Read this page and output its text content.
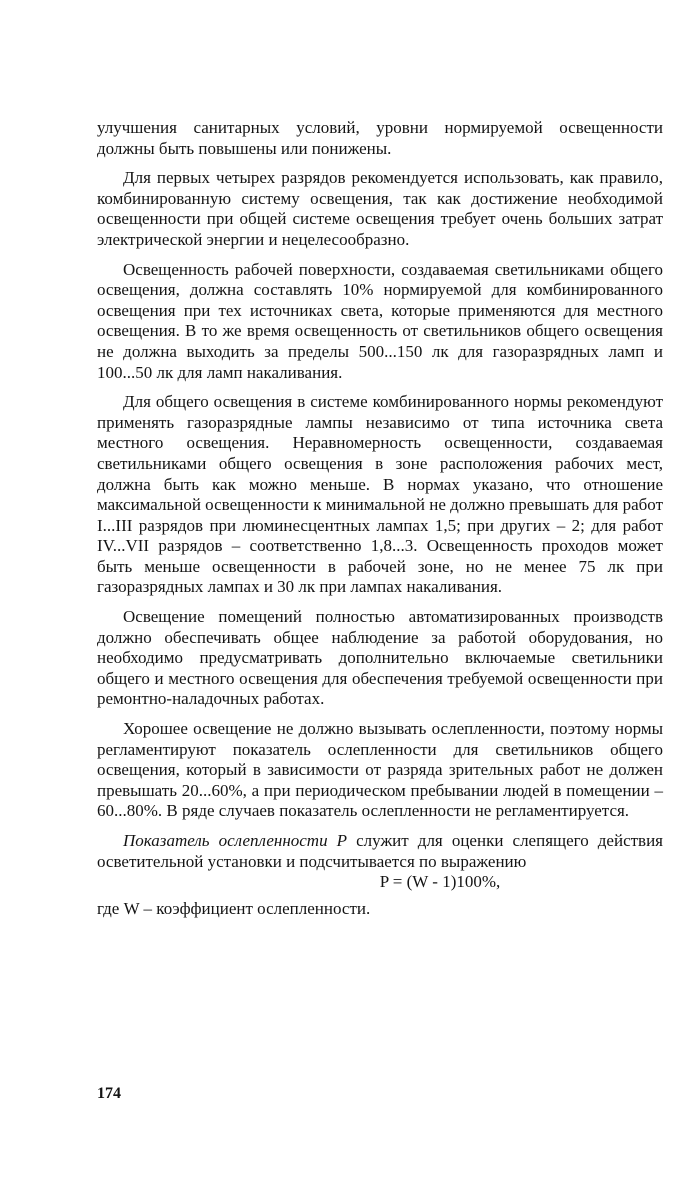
улучшения санитарных условий, уровни нормируемой освещенности должны быть повышены или понижены.

Для первых четырех разрядов рекомендуется использовать, как правило, комбинированную систему освещения, так как достижение необходимой освещенности при общей системе освещения требует очень больших затрат электрической энергии и нецелесообразно.

Освещенность рабочей поверхности, создаваемая светильниками общего освещения, должна составлять 10% нормируемой для комбинированного освещения при тех источниках света, которые применяются для местного освещения. В то же время освещенность от светильников общего освещения не должна выходить за пределы 500...150 лк для газоразрядных ламп и 100...50 лк для ламп накаливания.

Для общего освещения в системе комбинированного нормы рекомендуют применять газоразрядные лампы независимо от типа источника света местного освещения. Неравномерность освещенности, создаваемая светильниками общего освещения в зоне расположения рабочих мест, должна быть как можно меньше. В нормах указано, что отношение максимальной освещенности к минимальной не должно превышать для работ I...III разрядов при люминесцентных лампах 1,5; при других – 2; для работ IV...VII разрядов – соответственно 1,8...3. Освещенность проходов может быть меньше освещенности в рабочей зоне, но не менее 75 лк при газоразрядных лампах и 30 лк при лампах накаливания.

Освещение помещений полностью автоматизированных производств должно обеспечивать общее наблюдение за работой оборудования, но необходимо предусматривать дополнительно включаемые светильники общего и местного освещения для обеспечения требуемой освещенности при ремонтно-наладочных работах.

Хорошее освещение не должно вызывать ослепленности, поэтому нормы регламентируют показатель ослепленности для светильников общего освещения, который в зависимости от разряда зрительных работ не должен превышать 20...60%, а при периодическом пребывании людей в помещении – 60...80%. В ряде случаев показатель ослепленности не регламентируется.

Показатель ослепленности P служит для оценки слепящего действия осветительной установки и подсчитывается по выражению

P = (W - 1)100%,

где W – коэффициент ослепленности.

174
